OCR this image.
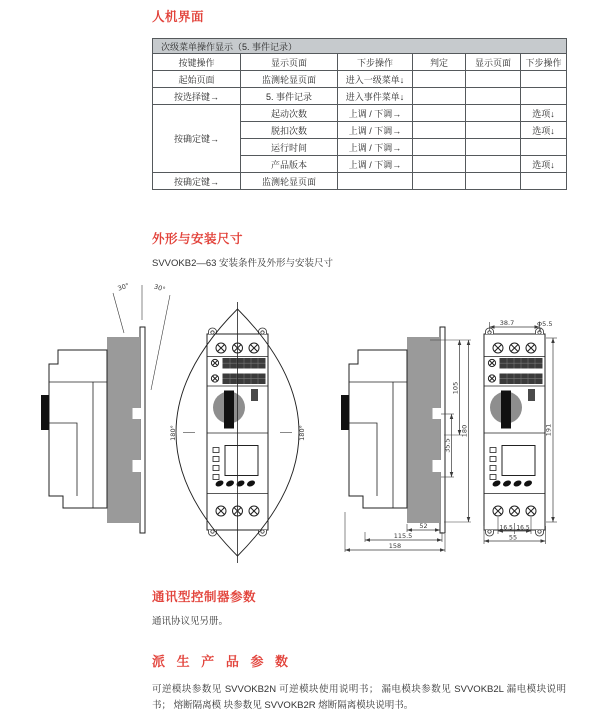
人机界面
次级菜单操作显示（5. 事件记录）					
按键操作	显示页面	下步操作	判定	显示页面	下步操作
起始页面	监测轮显页面	进入一级菜单↓			
按选择键→	5. 事件记录	进入事件菜单↓			
按确定键→	起动次数	上调 / 下调→			选项↓
	脱扣次数	上调 / 下调→			选项↓
	运行时间	上调 / 下调→			
	产品版本	上调 / 下调→			选项↓
按确定键→	监测轮显页面				
外形与安装尺寸
SVVOKB2—63 安装条件及外形与安装尺寸
30°	30°
180°	180°
105
35.5
180
52
115.5
158
38.7	Φ5.5
191
16.5 16.5
55
通讯型控制器参数
通讯协议见另册。
派 生 产 品 参 数
可逆模块参数见 SVVOKB2N 可逆模块使用说明书； 漏电模块参数见 SVVOKB2L 漏电模块说明书； 熔断隔离模 块参数见 SVVOKB2R 熔断隔离模块说明书。
